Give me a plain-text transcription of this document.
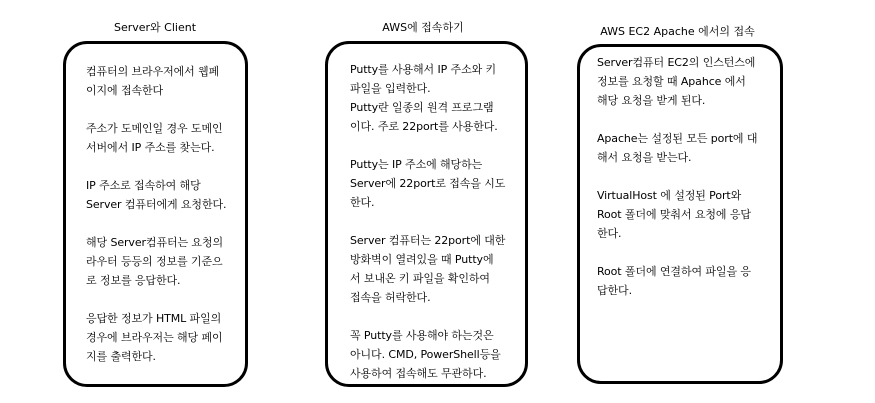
Server와 Client
컴퓨터의 브라우저에서 웹페
이지에 접속한다
주소가 도메인일 경우 도메인
서버에서 IP 주소를 찾는다.
IP 주소로 접속하여 해당
Server 컴퓨터에게 요청한다.
해당 Server컴퓨터는 요청의
라우터 등등의 정보를 기준으
로 정보를 응답한다.
응답한 정보가 HTML 파일의
경우에 브라우저는 해당 페이
지를 출력한다.
AWS에 접속하기
Putty를 사용해서 IP 주소와 키
파일을 입력한다.
Putty란 일종의 원격 프로그램
이다. 주로 22port를 사용한다.
Putty는 IP 주소에 해당하는
Server에 22port로 접속을 시도
한다.
Server 컴퓨터는 22port에 대한
방화벽이 열려있을 때 Putty에
서 보내온 키 파일을 확인하여
접속을 허락한다.
꼭 Putty를 사용해야 하는것은
아니다. CMD, PowerShell등을
사용하여 접속해도 무관하다.
AWS EC2 Apache 에서의 접속
Server컴퓨터 EC2의 인스턴스에
정보를 요청할 때 Apahce 에서
해당 요청을 받게 된다.
Apache는 설정된 모든 port에 대
해서 요청을 받는다.
VirtualHost 에 설정된 Port와
Root 폴더에 맞춰서 요청에 응답
한다.
Root 폴더에 연결하여 파일을 응
답한다.
